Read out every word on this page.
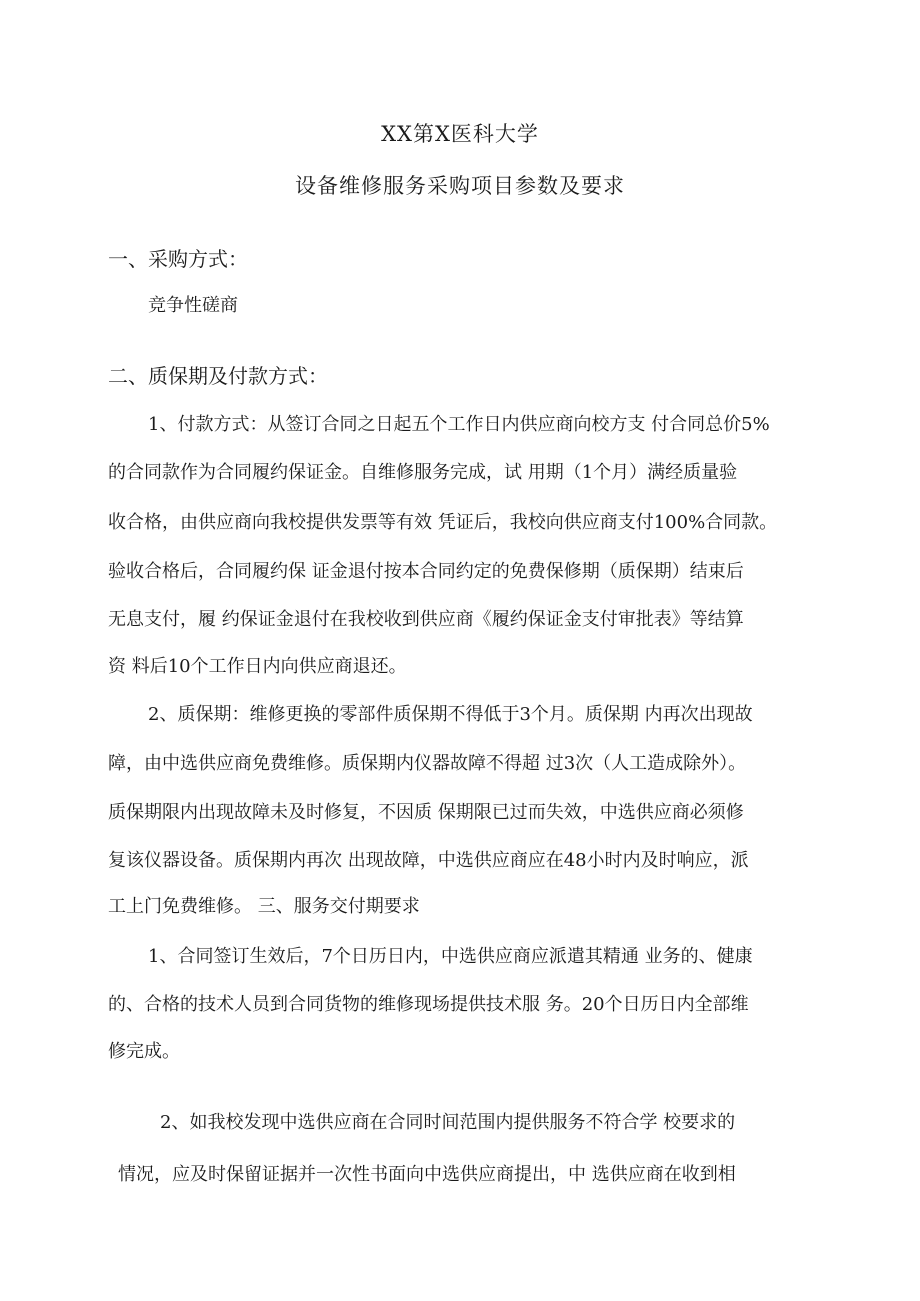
XX第X医科大学
设备维修服务采购项目参数及要求
一、采购方式：
竞争性磋商
二、质保期及付款方式：
1、付款方式：从签订合同之日起五个工作日内供应商向校方支 付合同总价5%
的合同款作为合同履约保证金。自维修服务完成，试 用期（1个月）满经质量验
收合格，由供应商向我校提供发票等有效 凭证后，我校向供应商支付100%合同款。
验收合格后，合同履约保 证金退付按本合同约定的免费保修期（质保期）结束后
无息支付，履 约保证金退付在我校收到供应商《履约保证金支付审批表》等结算
资 料后10个工作日内向供应商退还。
2、质保期：维修更换的零部件质保期不得低于3个月。质保期 内再次出现故
障，由中选供应商免费维修。质保期内仪器故障不得超 过3次（人工造成除外）。
质保期限内出现故障未及时修复，不因质 保期限已过而失效，中选供应商必须修
复该仪器设备。质保期内再次 出现故障，中选供应商应在48小时内及时响应，派
工上门免费维修。 三、服务交付期要求
1、合同签订生效后，7个日历日内，中选供应商应派遣其精通 业务的、健康
的、合格的技术人员到合同货物的维修现场提供技术服 务。20个日历日内全部维
修完成。
2、如我校发现中选供应商在合同时间范围内提供服务不符合学 校要求的
情况，应及时保留证据并一次性书面向中选供应商提出，中 选供应商在收到相
